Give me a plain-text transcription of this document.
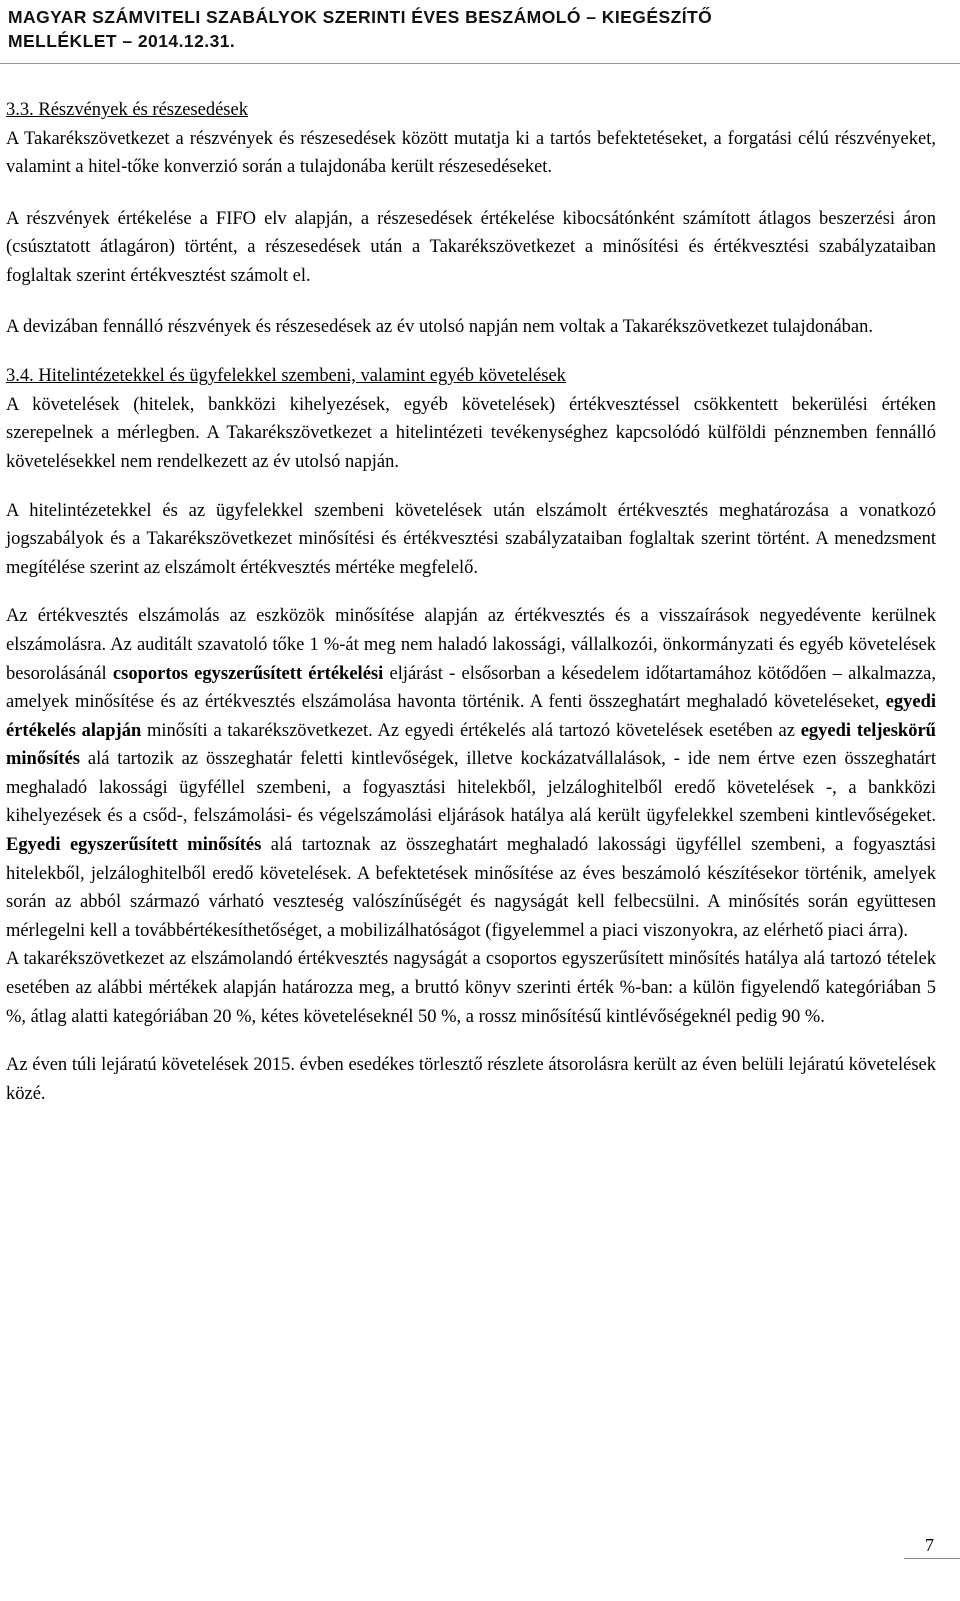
MAGYAR SZÁMVITELI SZABÁLYOK SZERINTI ÉVES BESZÁMOLÓ – KIEGÉSZÍTŐ
MELLÉKLET – 2014.12.31.

3.3. Részvények és részesedések

A Takarékszövetkezet a részvények és részesedések között mutatja ki a tartós befektetéseket, a forgatási célú részvényeket, valamint a hitel-tőke konverzió során a tulajdonába került részesedéseket.

A részvények értékelése a FIFO elv alapján, a részesedések értékelése kibocsátónként számított átlagos beszerzési áron (csúsztatott átlagáron) történt, a részesedések után a Takarékszövetkezet a minősítési és értékvesztési szabályzataiban foglaltak szerint értékvesztést számolt el.

A devizában fennálló részvények és részesedések az év utolsó napján nem voltak a Takarékszövetkezet tulajdonában.

3.4. Hitelintézetekkel és ügyfelekkel szembeni, valamint egyéb követelések

A követelések (hitelek, bankközi kihelyezések, egyéb követelések) értékvesztéssel csökkentett bekerülési értéken szerepelnek a mérlegben. A Takarékszövetkezet a hitelintézeti tevékenységhez kapcsolódó külföldi pénznemben fennálló követelésekkel nem rendelkezett az év utolsó napján.

A hitelintézetekkel és az ügyfelekkel szembeni követelések után elszámolt értékvesztés meghatározása a vonatkozó jogszabályok és a Takarékszövetkezet minősítési és értékvesztési szabályzataiban foglaltak szerint történt. A menedzsment megítélése szerint az elszámolt értékvesztés mértéke megfelelő.

Az értékvesztés elszámolás az eszközök minősítése alapján az értékvesztés és a visszaírások negyedévente kerülnek elszámolásra. Az auditált szavatoló tőke 1 %-át meg nem haladó lakossági, vállalkozói, önkormányzati és egyéb követelések besorolásánál csoportos egyszerűsített értékelési eljárást - elsősorban a késedelem időtartamához kötődően – alkalmazza, amelyek minősítése és az értékvesztés elszámolása havonta történik. A fenti összeghatárt meghaladó követeléseket, egyedi értékelés alapján minősíti a takarékszövetkezet. Az egyedi értékelés alá tartozó követelések esetében az egyedi teljeskörű minősítés alá tartozik az összeghatár feletti kintlevőségek, illetve kockázatvállalások, - ide nem értve ezen összeghatárt meghaladó lakossági ügyféllel szembeni, a fogyasztási hitelekből, jelzáloghitelből eredő követelések -, a bankközi kihelyezések és a csőd-, felszámolási- és végelszámolási eljárások hatálya alá került ügyfelekkel szembeni kintlevőségeket. Egyedi egyszerűsített minősítés alá tartoznak az összeghatárt meghaladó lakossági ügyféllel szembeni, a fogyasztási hitelekből, jelzáloghitelből eredő követelések. A befektetések minősítése az éves beszámoló készítésekor történik, amelyek során az abból származó várható veszteség valószínűségét és nagyságát kell felbecsülni. A minősítés során együttesen mérlegelni kell a továbbértékesíthetőséget, a mobilizálhatóságot (figyelemmel a piaci viszonyokra, az elérhető piaci árra).

A takarékszövetkezet az elszámolandó értékvesztés nagyságát a csoportos egyszerűsített minősítés hatálya alá tartozó tételek esetében az alábbi mértékek alapján határozza meg, a bruttó könyv szerinti érték %-ban: a külön figyelendő kategóriában 5 %, átlag alatti kategóriában 20 %, kétes követeléseknél 50 %, a rossz minősítésű kintlévőségeknél pedig 90 %.

Az éven túli lejáratú követelések 2015. évben esedékes törlesztő részlete átsorolásra került az éven belüli lejáratú követelések közé.

7
